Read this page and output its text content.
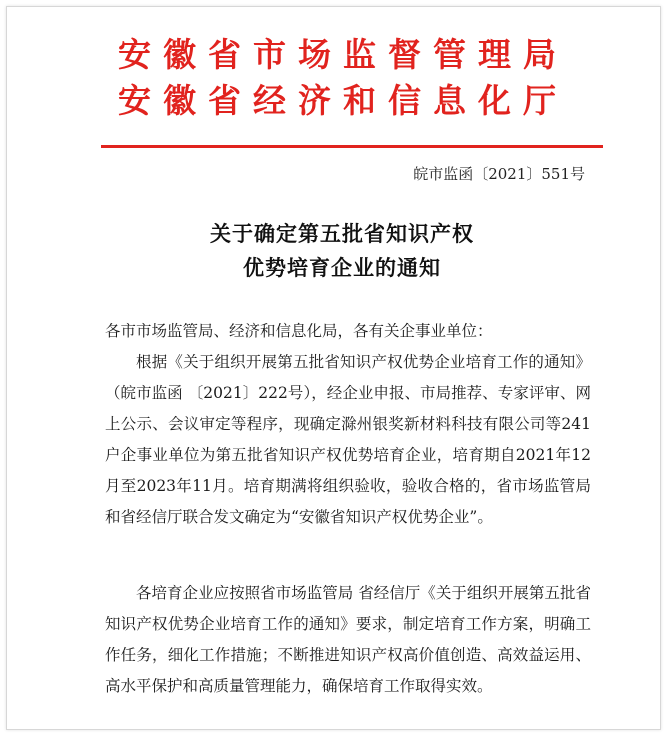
安徽省市场监督管理局
安徽省经济和信息化厅
皖市监函〔2021〕551号
关于确定第五批省知识产权
优势培育企业的通知

各市市场监管局、经济和信息化局，各有关企事业单位：

根据《关于组织开展第五批省知识产权优势企业培育工作的通知》（皖市监函 〔2021〕222号），经企业申报、市局推荐、专家评审、网上公示、会议审定等程序，现确定滁州银奖新材料科技有限公司等241户企事业单位为第五批省知识产权优势培育企业，培育期自2021年12月至2023年11月。培育期满将组织验收，验收合格的，省市场监管局和省经信厅联合发文确定为“安徽省知识产权优势企业”。

各培育企业应按照省市场监管局 省经信厅《关于组织开展第五批省知识产权优势企业培育工作的通知》要求，制定培育工作方案，明确工作任务，细化工作措施；不断推进知识产权高价值创造、高效益运用、高水平保护和高质量管理能力，确保培育工作取得实效。
